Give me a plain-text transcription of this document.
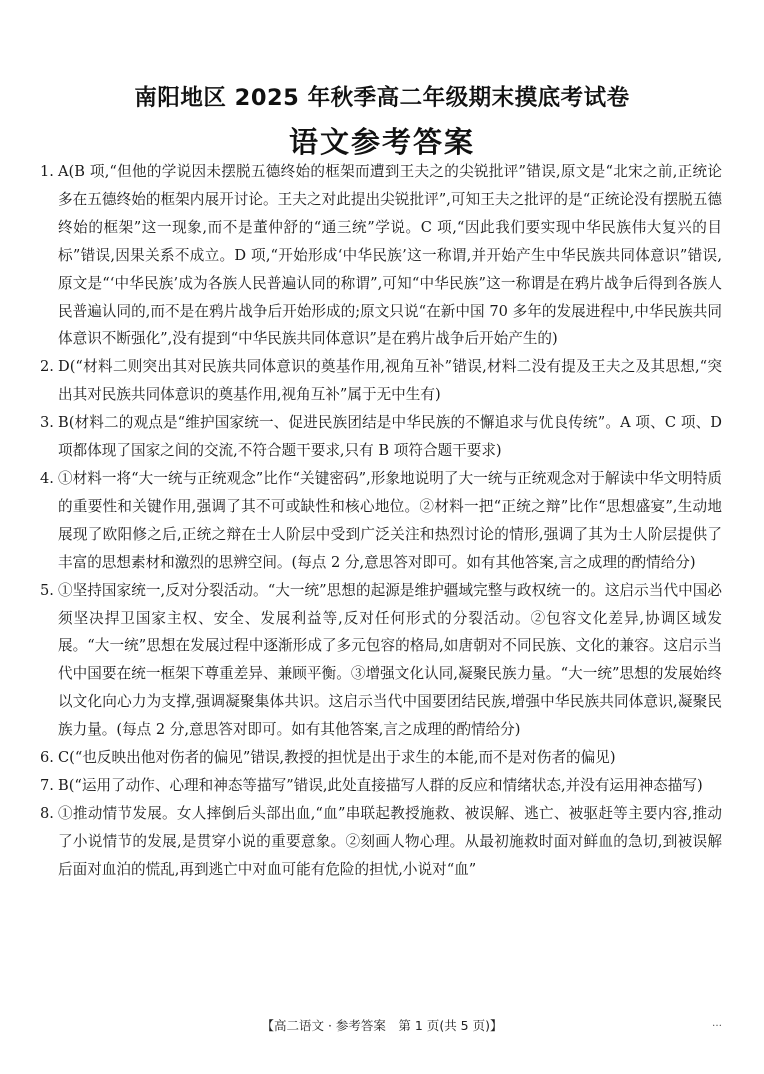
南阳地区 2025 年秋季高二年级期末摸底考试卷
语文参考答案

1. A(B 项,“但他的学说因未摆脱五德终始的框架而遭到王夫之的尖锐批评”错误,原文是“北宋之前,正统论多在五德终始的框架内展开讨论。王夫之对此提出尖锐批评”,可知王夫之批评的是“正统论没有摆脱五德终始的框架”这一现象,而不是董仲舒的“通三统”学说。C 项,“因此我们要实现中华民族伟大复兴的目标”错误,因果关系不成立。D 项,“开始形成‘中华民族’这一称谓,并开始产生中华民族共同体意识”错误,原文是“‘中华民族’成为各族人民普遍认同的称谓”,可知“中华民族”这一称谓是在鸦片战争后得到各族人民普遍认同的,而不是在鸦片战争后开始形成的;原文只说“在新中国 70 多年的发展进程中,中华民族共同体意识不断强化”,没有提到“中华民族共同体意识”是在鸦片战争后开始产生的)

2. D(“材料二则突出其对民族共同体意识的奠基作用,视角互补”错误,材料二没有提及王夫之及其思想,“突出其对民族共同体意识的奠基作用,视角互补”属于无中生有)

3. B(材料二的观点是“维护国家统一、促进民族团结是中华民族的不懈追求与优良传统”。A 项、C 项、D 项都体现了国家之间的交流,不符合题干要求,只有 B 项符合题干要求)

4. ①材料一将“大一统与正统观念”比作“关键密码”,形象地说明了大一统与正统观念对于解读中华文明特质的重要性和关键作用,强调了其不可或缺性和核心地位。②材料一把“正统之辩”比作“思想盛宴”,生动地展现了欧阳修之后,正统之辩在士人阶层中受到广泛关注和热烈讨论的情形,强调了其为士人阶层提供了丰富的思想素材和激烈的思辨空间。(每点 2 分,意思答对即可。如有其他答案,言之成理的酌情给分)

5. ①坚持国家统一,反对分裂活动。“大一统”思想的起源是维护疆域完整与政权统一的。这启示当代中国必须坚决捍卫国家主权、安全、发展利益等,反对任何形式的分裂活动。②包容文化差异,协调区域发展。“大一统”思想在发展过程中逐渐形成了多元包容的格局,如唐朝对不同民族、文化的兼容。这启示当代中国要在统一框架下尊重差异、兼顾平衡。③增强文化认同,凝聚民族力量。“大一统”思想的发展始终以文化向心力为支撑,强调凝聚集体共识。这启示当代中国要团结民族,增强中华民族共同体意识,凝聚民族力量。(每点 2 分,意思答对即可。如有其他答案,言之成理的酌情给分)

6. C(“也反映出他对伤者的偏见”错误,教授的担忧是出于求生的本能,而不是对伤者的偏见)

7. B(“运用了动作、心理和神态等描写”错误,此处直接描写人群的反应和情绪状态,并没有运用神态描写)

8. ①推动情节发展。女人摔倒后头部出血,“血”串联起教授施救、被误解、逃亡、被驱赶等主要内容,推动了小说情节的发展,是贯穿小说的重要意象。②刻画人物心理。从最初施救时面对鲜血的急切,到被误解后面对血泊的慌乱,再到逃亡中对血可能有危险的担忧,小说对“血”

【高二语文 · 参考答案　第 1 页(共 5 页)】	…
